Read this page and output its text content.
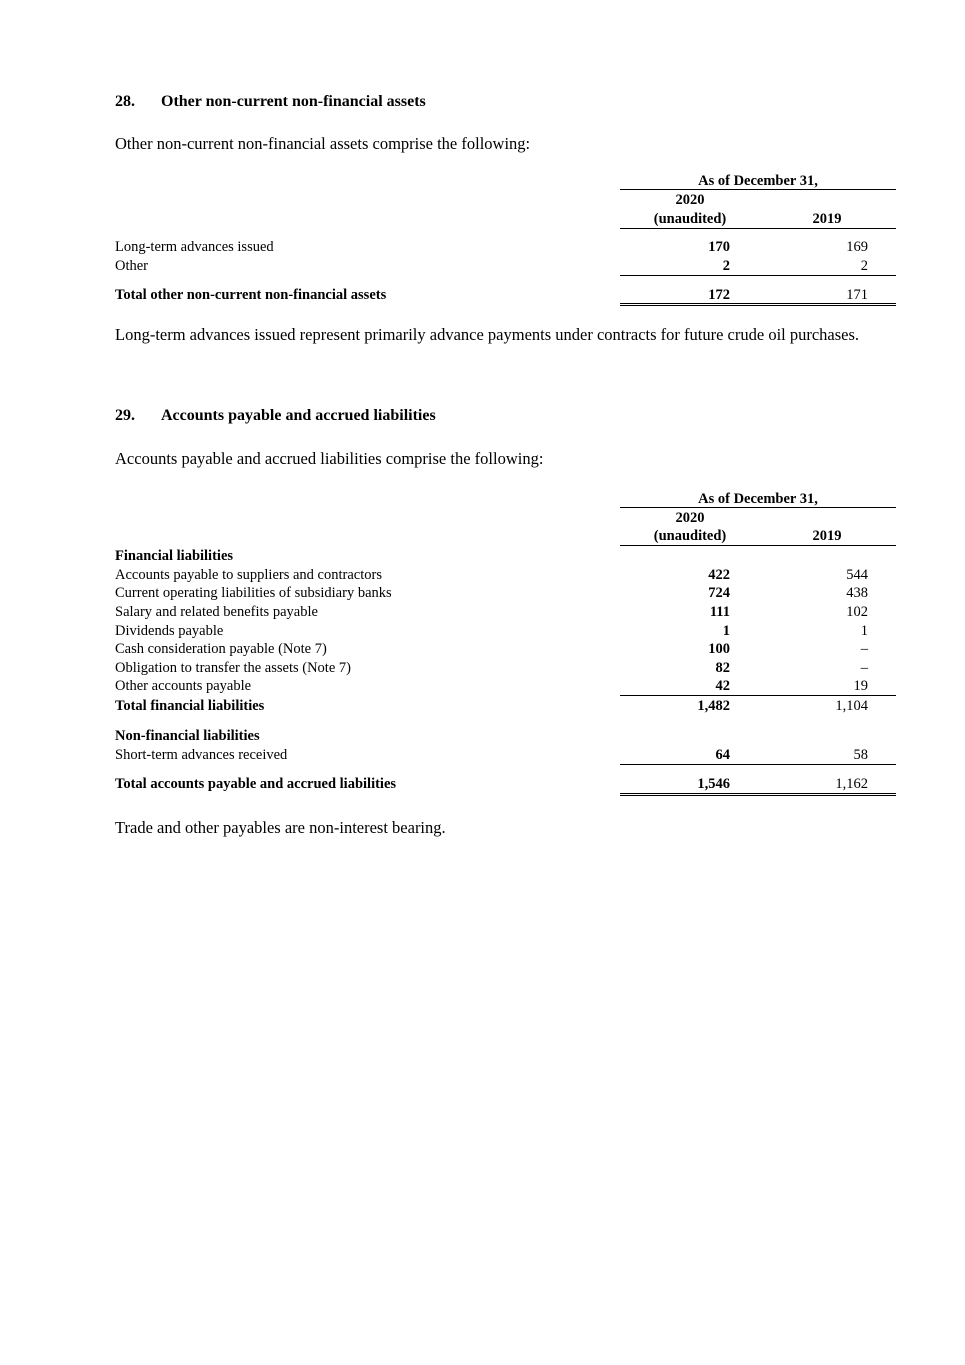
28. Other non-current non-financial assets
Other non-current non-financial assets comprise the following:
As of December 31,
2020
(unaudited)	2019
Long-term advances issued	170	169
Other	2	2
Total other non-current non-financial assets	172	171
Long-term advances issued represent primarily advance payments under contracts for future crude oil purchases.
29. Accounts payable and accrued liabilities
Accounts payable and accrued liabilities comprise the following:
As of December 31,
2020
(unaudited)	2019
Financial liabilities
Accounts payable to suppliers and contractors	422	544
Current operating liabilities of subsidiary banks	724	438
Salary and related benefits payable	111	102
Dividends payable	1	1
Cash consideration payable (Note 7)	100	–
Obligation to transfer the assets (Note 7)	82	–
Other accounts payable	42	19
Total financial liabilities	1,482	1,104
Non-financial liabilities
Short-term advances received	64	58
Total accounts payable and accrued liabilities	1,546	1,162
Trade and other payables are non-interest bearing.
